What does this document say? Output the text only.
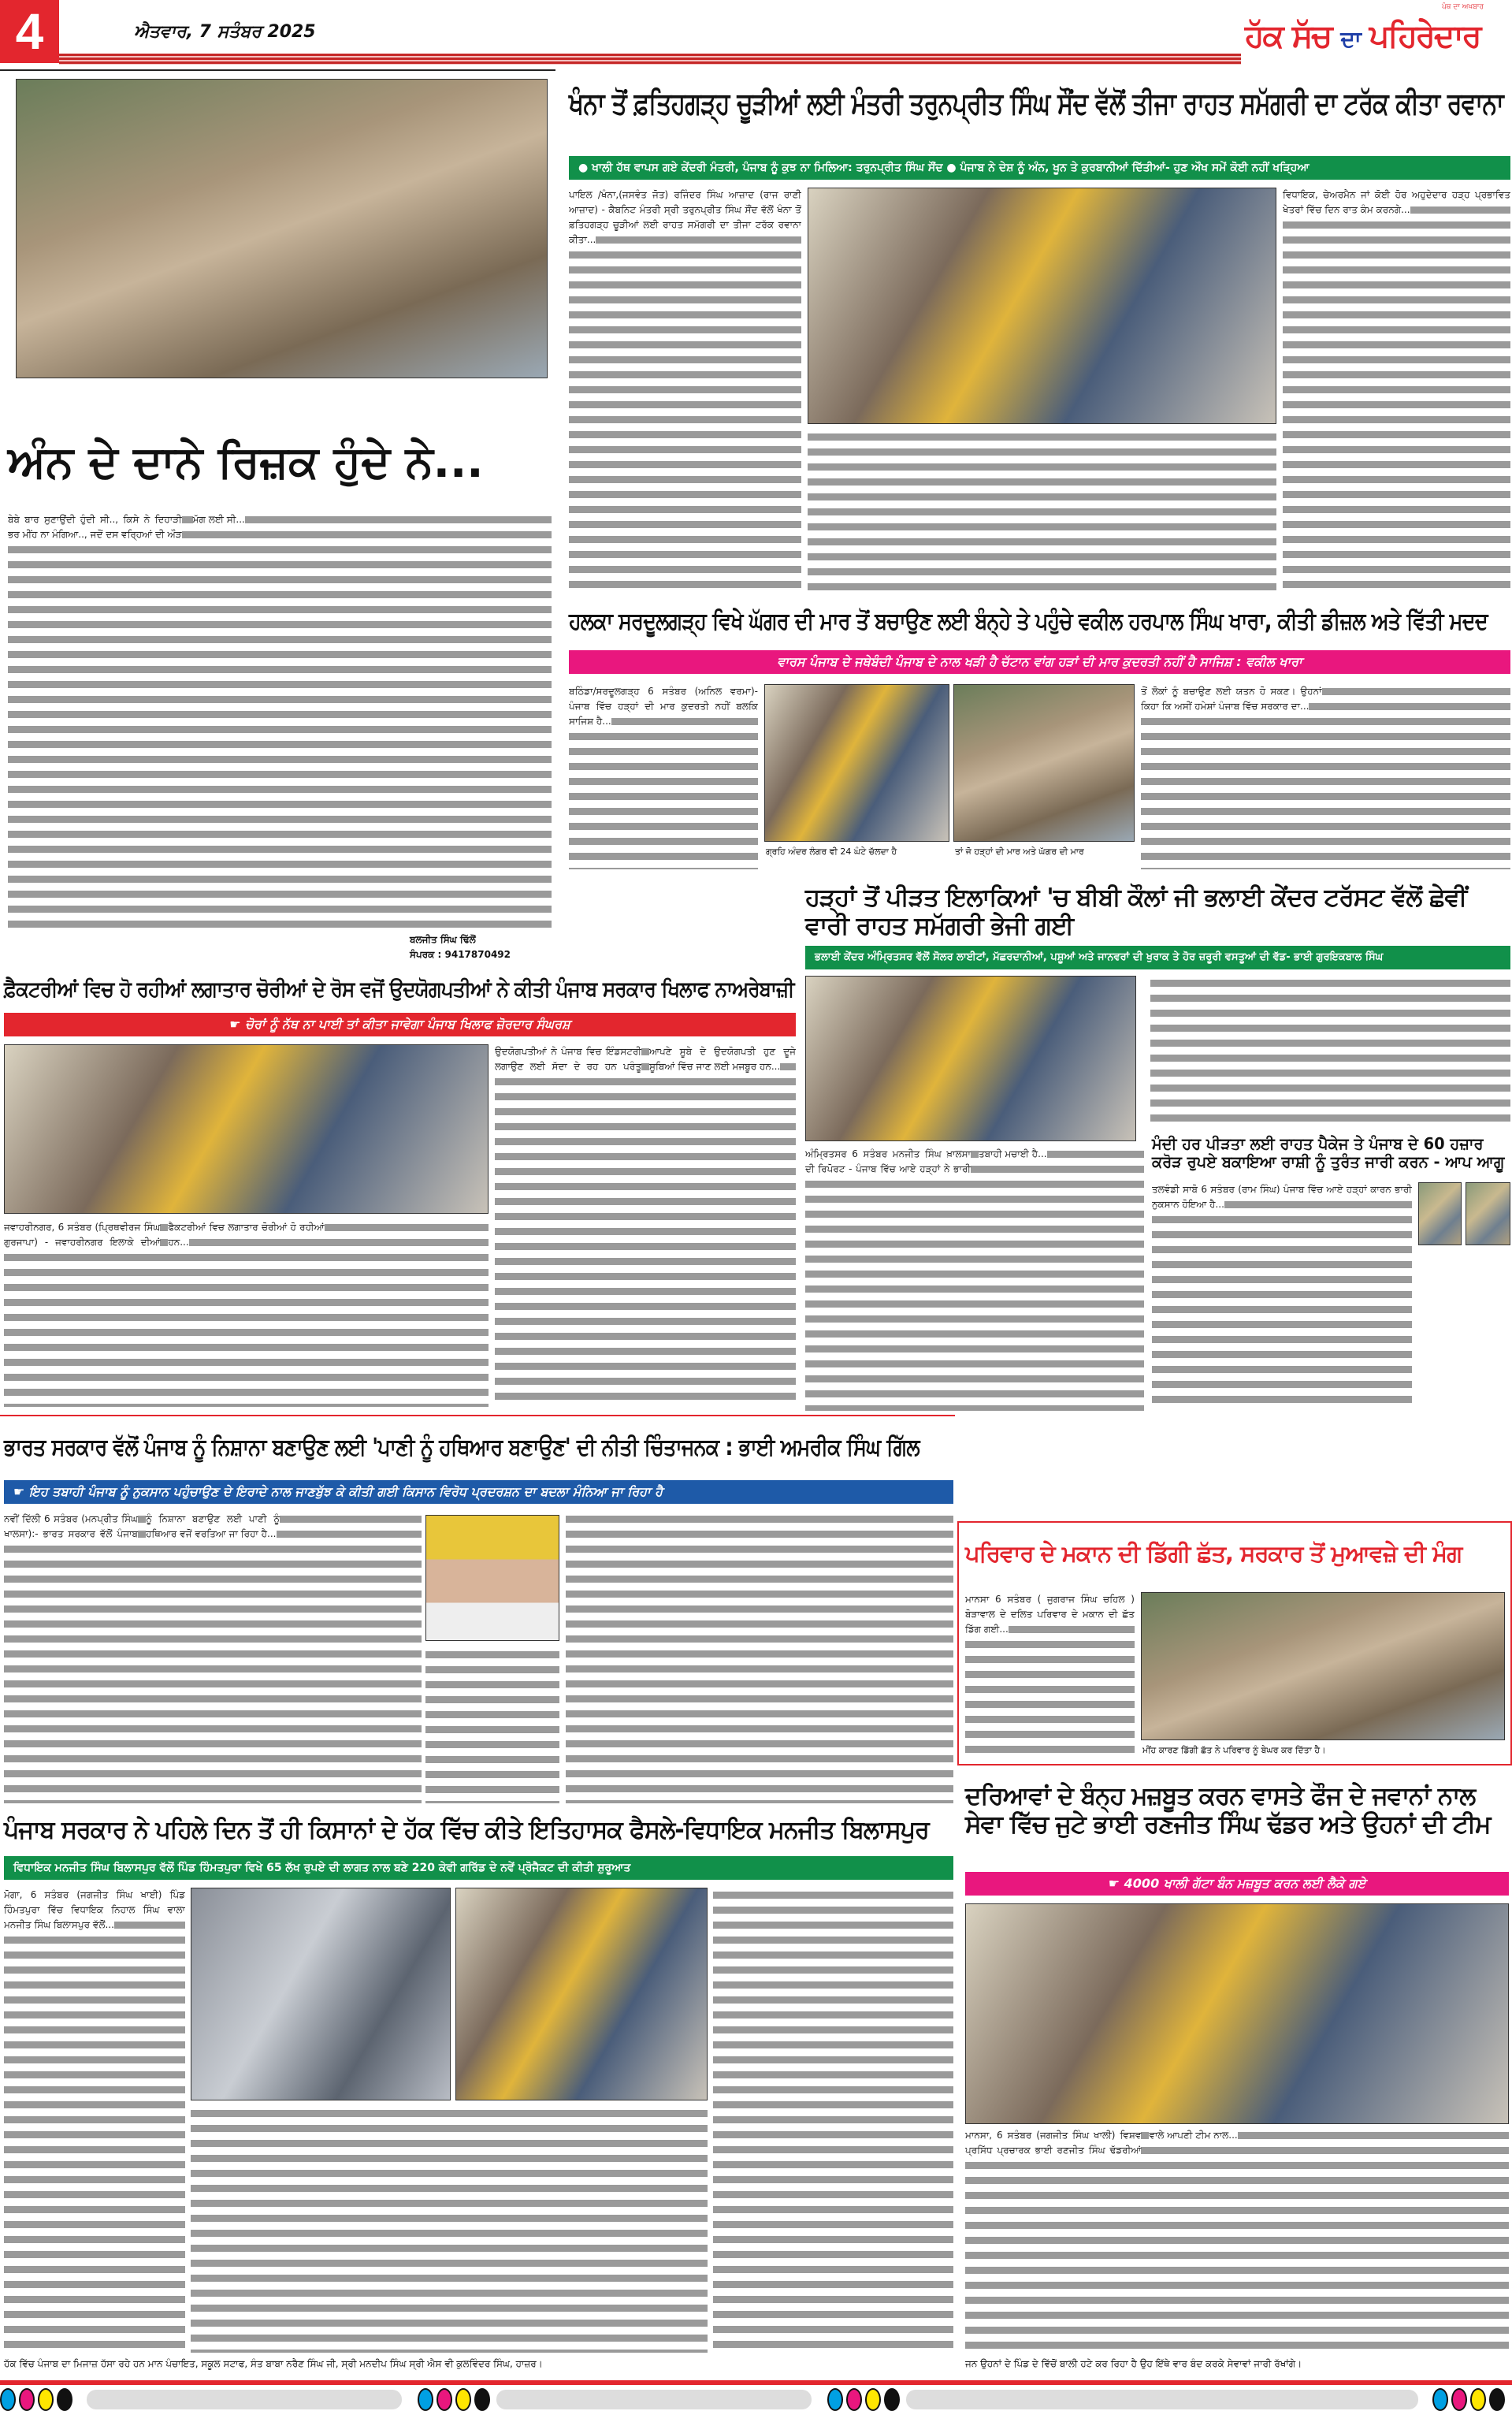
4	ਐਤਵਾਰ, 7 ਸਤੰਬਰ 2025	ਹੱਕ ਸੱਚ ਦਾ ਪਹਿਰੇਦਾਰ
ਪੰਥ ਦਾ ਅਖ਼ਬਾਰ
ਅੰਨ ਦੇ ਦਾਨੇ ਰਿਜ਼ਕ ਹੁੰਦੇ ਨੇ...
ਬੇਬੇ ਬਾਰ ਸੁਣਾਉਂਦੀ ਹੁੰਦੀ ਸੀ.., ਕਿਸੇ ਨੇ ਦਿਹਾੜੀ ਭਰ ਮੀਂਹ ਨਾ ਮੰਗਿਆ.., ਜਦੋਂ ਦਸ ਵਰ੍ਹਿਆਂ ਦੀ ਔੜ ਮੱਗ ਲਈ ਸੀ...
ਬਲਜੀਤ ਸਿੰਘ ਢਿੱਲੋਂ
ਸੰਪਰਕ : 9417870492
ਖੰਨਾ ਤੋਂ ਫ਼ਤਿਹਗੜ੍ਹ ਚੂੜੀਆਂ ਲਈ ਮੰਤਰੀ ਤਰੁਨਪ੍ਰੀਤ ਸਿੰਘ ਸੌਂਦ ਵੱਲੋਂ ਤੀਜਾ ਰਾਹਤ ਸਮੱਗਰੀ ਦਾ ਟਰੱਕ ਕੀਤਾ ਰਵਾਨਾ
● ਖਾਲੀ ਹੱਥ ਵਾਪਸ ਗਏ ਕੇਂਦਰੀ ਮੰਤਰੀ, ਪੰਜਾਬ ਨੂੰ ਕੁਝ ਨਾ ਮਿਲਿਆ: ਤਰੁਨਪ੍ਰੀਤ ਸਿੰਘ ਸੌਂਦ ● ਪੰਜਾਬ ਨੇ ਦੇਸ਼ ਨੂੰ ਅੰਨ, ਖੂਨ ਤੇ ਕੁਰਬਾਨੀਆਂ ਦਿੱਤੀਆਂ- ਹੁਣ ਔਖ ਸਮੇਂ ਕੋਈ ਨਹੀਂ ਖੜ੍ਹਿਆ
ਪਾਇਲ /ਖੰਨਾ,(ਜਸਵੰਤ ਜੋਤ) ਰਜਿੰਦਰ ਸਿੰਘ ਆਜ਼ਾਦ (ਰਾਜ ਰਾਣੀ ਆਜ਼ਾਦ) - ਕੈਬਨਿਟ ਮੰਤਰੀ ਸ੍ਰੀ ਤਰੁਨਪ੍ਰੀਤ ਸਿੰਘ ਸੌਂਦ ਵੱਲੋਂ ਖੰਨਾ ਤੋਂ ਫ਼ਤਿਹਗੜ੍ਹ ਚੂੜੀਆਂ ਲਈ ਰਾਹਤ ਸਮੱਗਰੀ ਦਾ ਤੀਜਾ ਟਰੱਕ ਰਵਾਨਾ ਕੀਤਾ...
ਵਿਧਾਇਕ, ਚੇਅਰਮੈਨ ਜਾਂ ਕੋਈ ਹੋਰ ਅਹੁਦੇਦਾਰ ਹੜ੍ਹ ਪ੍ਰਭਾਵਿਤ ਖੇਤਰਾਂ ਵਿੱਚ ਦਿਨ ਰਾਤ ਕੰਮ ਕਰਨਗੇ...
ਹਲਕਾ ਸਰਦੂਲਗੜ੍ਹ ਵਿਖੇ ਘੱਗਰ ਦੀ ਮਾਰ ਤੋਂ ਬਚਾਉਣ ਲਈ ਬੰਨ੍ਹੇ ਤੇ ਪਹੁੰਚੇ ਵਕੀਲ ਹਰਪਾਲ ਸਿੰਘ ਖਾਰਾ, ਕੀਤੀ ਡੀਜ਼ਲ ਅਤੇ ਵਿੱਤੀ ਮਦਦ
ਵਾਰਸ ਪੰਜਾਬ ਦੇ ਜਥੇਬੰਦੀ ਪੰਜਾਬ ਦੇ ਨਾਲ ਖੜੀ ਹੈ ਚੱਟਾਨ ਵਾਂਗ ਹੜਾਂ ਦੀ ਮਾਰ ਕੁਦਰਤੀ ਨਹੀਂ ਹੈ ਸਾਜਿਸ਼ : ਵਕੀਲ ਖਾਰਾ
ਬਠਿੰਡਾ/ਸਰਦੂਲਗੜ੍ਹ 6 ਸਤੰਬਰ (ਅਨਿਲ ਵਰਮਾ)- ਪੰਜਾਬ ਵਿੱਚ ਹੜ੍ਹਾਂ ਦੀ ਮਾਰ ਕੁਦਰਤੀ ਨਹੀਂ ਬਲਕਿ ਸਾਜਿਸ਼ ਹੈ...
ਗ੍ਰਹਿ ਅੰਦਰ ਲੰਗਰ ਵੀ 24 ਘੰਟੇ ਚੱਲਦਾ ਹੈ	ਤਾਂ ਜੋ ਹੜ੍ਹਾਂ ਦੀ ਮਾਰ ਅਤੇ ਘੱਗਰ ਦੀ ਮਾਰ
ਤੋਂ ਲੋਕਾਂ ਨੂੰ ਬਚਾਉਣ ਲਈ ਯਤਨ ਹੋ ਸਕਣ। ਉਹਨਾਂ ਕਿਹਾ ਕਿ ਅਸੀਂ ਹਮੇਸ਼ਾਂ ਪੰਜਾਬ ਵਿੱਚ ਸਰਕਾਰ ਦਾ...
ਹੜ੍ਹਾਂ ਤੋਂ ਪੀੜਤ ਇਲਾਕਿਆਂ 'ਚ ਬੀਬੀ ਕੌਲਾਂ ਜੀ ਭਲਾਈ ਕੇਂਦਰ ਟਰੱਸਟ ਵੱਲੋਂ ਛੇਵੀਂ ਵਾਰੀ ਰਾਹਤ ਸਮੱਗਰੀ ਭੇਜੀ ਗਈ
ਭਲਾਈ ਕੇਂਦਰ ਅੰਮ੍ਰਿਤਸਰ ਵੱਲੋਂ ਸੋਲਰ ਲਾਈਟਾਂ, ਮੱਛਰਦਾਨੀਆਂ, ਪਸ਼ੂਆਂ ਅਤੇ ਜਾਨਵਰਾਂ ਦੀ ਖੁਰਾਕ ਤੇ ਹੋਰ ਜ਼ਰੂਰੀ ਵਸਤੂਆਂ ਦੀ ਵੱਡ- ਭਾਈ ਗੁਰਇਕਬਾਲ ਸਿੰਘ
ਅੰਮ੍ਰਿਤਸਰ 6 ਸਤੰਬਰ ਮਨਜੀਤ ਸਿੰਘ ਖ਼ਾਲਸਾ ਦੀ ਰਿਪੋਰਟ - ਪੰਜਾਬ ਵਿੱਚ ਆਏ ਹੜ੍ਹਾਂ ਨੇ ਭਾਰੀ ਤਬਾਹੀ ਮਚਾਈ ਹੈ...
ਮੰਦੀ ਹਰ ਪੀੜਤਾ ਲਈ ਰਾਹਤ ਪੈਕੇਜ ਤੇ ਪੰਜਾਬ ਦੇ 60 ਹਜ਼ਾਰ ਕਰੋੜ ਰੁਪਏ ਬਕਾਇਆ ਰਾਸ਼ੀ ਨੂੰ ਤੁਰੰਤ ਜਾਰੀ ਕਰਨ - ਆਪ ਆਗੂ
ਤਲਵੰਡੀ ਸਾਬੋ 6 ਸਤੰਬਰ (ਰਾਮ ਸਿੰਘ) ਪੰਜਾਬ ਵਿੱਚ ਆਏ ਹੜ੍ਹਾਂ ਕਾਰਨ ਭਾਰੀ ਨੁਕਸਾਨ ਹੋਇਆ ਹੈ...
ਫ਼ੈਕਟਰੀਆਂ ਵਿਚ ਹੋ ਰਹੀਆਂ ਲਗਾਤਾਰ ਚੋਰੀਆਂ ਦੇ ਰੋਸ ਵਜੋਂ ਉਦਯੋਗਪਤੀਆਂ ਨੇ ਕੀਤੀ ਪੰਜਾਬ ਸਰਕਾਰ ਖਿਲਾਫ ਨਾਅਰੇਬਾਜ਼ੀ
☛ ਚੋਰਾਂ ਨੂੰ ਨੱਥ ਨਾ ਪਾਈ ਤਾਂ ਕੀਤਾ ਜਾਵੇਗਾ ਪੰਜਾਬ ਖਿਲਾਫ ਜ਼ੋਰਦਾਰ ਸੰਘਰਸ਼
ਉਦਯੋਗਪਤੀਆਂ ਨੇ ਪੰਜਾਬ ਵਿਚ ਇੰਡਸਟਰੀ ਲਗਾਉਣ ਲਈ ਸੱਦਾ ਦੇ ਰਹ ਹਨ ਪਰੰਤੂ ਆਪਣੇ ਸੂਬੇ ਦੇ ਉਦਯੋਗਪਤੀ ਹੁਣ ਦੂਜੇ ਸੂਬਿਆਂ ਵਿੱਚ ਜਾਣ ਲਈ ਮਜਬੂਰ ਹਨ...
ਜਵਾਹਰੀਨਗਰ, 6 ਸਤੰਬਰ (ਪ੍ਰਿਥਵੀਰਜ ਸਿੰਘ ਗੁਰਜਾਪਾ) - ਜਵਾਹਰੀਨਗਰ ਇਲਾਕੇ ਦੀਆਂ ਫੈਕਟਰੀਆਂ ਵਿਚ ਲਗਾਤਾਰ ਚੋਰੀਆਂ ਹੋ ਰਹੀਆਂ ਹਨ...
ਭਾਰਤ ਸਰਕਾਰ ਵੱਲੋਂ ਪੰਜਾਬ ਨੂੰ ਨਿਸ਼ਾਨਾ ਬਣਾਉਣ ਲਈ 'ਪਾਣੀ ਨੂੰ ਹਥਿਆਰ ਬਣਾਉਣ' ਦੀ ਨੀਤੀ ਚਿੰਤਾਜਨਕ : ਭਾਈ ਅਮਰੀਕ ਸਿੰਘ ਗਿੱਲ
☛ ਇਹ ਤਬਾਹੀ ਪੰਜਾਬ ਨੂੰ ਨੁਕਸਾਨ ਪਹੁੰਚਾਉਣ ਦੇ ਇਰਾਦੇ ਨਾਲ ਜਾਣਬੁੱਝ ਕੇ ਕੀਤੀ ਗਈ ਕਿਸਾਨ ਵਿਰੋਧ ਪ੍ਰਦਰਸ਼ਨ ਦਾ ਬਦਲਾ ਮੰਨਿਆ ਜਾ ਰਿਹਾ ਹੈ
ਨਵੀਂ ਦਿੱਲੀ 6 ਸਤੰਬਰ (ਮਨਪ੍ਰੀਤ ਸਿੰਘ ਖਾਲਸਾ):- ਭਾਰਤ ਸਰਕਾਰ ਵੱਲੋਂ ਪੰਜਾਬ ਨੂੰ ਨਿਸ਼ਾਨਾ ਬਣਾਉਣ ਲਈ ਪਾਣੀ ਨੂੰ ਹਥਿਆਰ ਵਜੋਂ ਵਰਤਿਆ ਜਾ ਰਿਹਾ ਹੈ...
ਪਰਿਵਾਰ ਦੇ ਮਕਾਨ ਦੀ ਡਿੱਗੀ ਛੱਤ, ਸਰਕਾਰ ਤੋਂ ਮੁਆਵਜ਼ੇ ਦੀ ਮੰਗ
ਮਾਨਸਾ 6 ਸਤੰਬਰ ( ਜੁਗਰਾਜ ਸਿੰਘ ਚਹਿਲ ) ਬੋੜਾਵਾਲ ਦੇ ਦਲਿਤ ਪਰਿਵਾਰ ਦੇ ਮਕਾਨ ਦੀ ਛੱਤ ਡਿੱਗ ਗਈ...
ਮੀਂਹ ਕਾਰਣ ਡਿੱਗੀ ਛੱਤ ਨੇ ਪਰਿਵਾਰ ਨੂੰ ਬੇਘਰ ਕਰ ਦਿੱਤਾ ਹੈ।
ਦਰਿਆਵਾਂ ਦੇ ਬੰਨ੍ਹ ਮਜ਼ਬੂਤ ਕਰਨ ਵਾਸਤੇ ਫੌਜ ਦੇ ਜਵਾਨਾਂ ਨਾਲ ਸੇਵਾ ਵਿੱਚ ਜੁਟੇ ਭਾਈ ਰਣਜੀਤ ਸਿੰਘ ਢੱਡਰ ਅਤੇ ਉਹਨਾਂ ਦੀ ਟੀਮ
☛ 4000 ਖਾਲੀ ਗੱਟਾ ਬੰਨ ਮਜ਼ਬੂਤ ਕਰਨ ਲਈ ਲੈਕੇ ਗਏ
ਮਾਨਸਾ, 6 ਸਤੰਬਰ (ਜਗਜੀਤ ਸਿੰਘ ਖਾਲੀ) ਵਿਸ਼ਵ ਪ੍ਰਸਿੱਧ ਪ੍ਰਚਾਰਕ ਭਾਈ ਰਣਜੀਤ ਸਿੰਘ ਢੱਡਰੀਆਂ ਵਾਲੇ ਆਪਣੀ ਟੀਮ ਨਾਲ...
ਜਨ ਉਹਨਾਂ ਦੇ ਪਿੰਡ ਦੇ ਵਿੱਚੋਂ ਬਾਲੀ ਹਟੇ ਕਰ ਰਿਹਾ ਹੈ ਉਹ ਇੱਥੇ ਵਾਰ ਬੰਦ ਕਰਕੇ ਸੇਵਾਵਾਂ ਜਾਰੀ ਰੱਖਾਂਗੇ।
ਪੰਜਾਬ ਸਰਕਾਰ ਨੇ ਪਹਿਲੇ ਦਿਨ ਤੋਂ ਹੀ ਕਿਸਾਨਾਂ ਦੇ ਹੱਕ ਵਿੱਚ ਕੀਤੇ ਇਤਿਹਾਸਕ ਫੈਸਲੇ-ਵਿਧਾਇਕ ਮਨਜੀਤ ਬਿਲਾਸਪੁਰ
ਵਿਧਾਇਕ ਮਨਜੀਤ ਸਿੰਘ ਬਿਲਾਸਪੁਰ ਵੱਲੋਂ ਪਿੰਡ ਹਿੰਮਤਪੁਰਾ ਵਿਖੇ 65 ਲੱਖ ਰੁਪਏ ਦੀ ਲਾਗਤ ਨਾਲ ਬਣੇ 220 ਕੇਵੀ ਗਰਿੱਡ ਦੇ ਨਵੇਂ ਪ੍ਰੋਜੈਕਟ ਦੀ ਕੀਤੀ ਸ਼ੁਰੂਆਤ
ਮੋਗਾ, 6 ਸਤੰਬਰ (ਜਗਜੀਤ ਸਿੰਘ ਖਾਈ) ਪਿੰਡ ਹਿੰਮਤਪੁਰਾ ਵਿੱਚ ਵਿਧਾਇਕ ਨਿਹਾਲ ਸਿੰਘ ਵਾਲਾ ਮਨਜੀਤ ਸਿੰਘ ਬਿਲਾਸਪੁਰ ਵੱਲੋਂ...
ਹੱਕ ਵਿੱਚ ਪੰਜਾਬ ਦਾ ਮਿਜਾਜ਼ ਹੱਸਾ ਰਹੇ ਹਨ ਮਾਨ ਪੰਚਾਇਤ, ਸਕੂਲ ਸਟਾਫ, ਸੰਤ ਬਾਬਾ ਨਰੈਣ ਸਿੰਘ ਜੀ, ਸ੍ਰੀ ਮਨਦੀਪ ਸਿੰਘ ਸ੍ਰੀ ਐਸ ਵੀ ਕੁਲਵਿੰਦਰ ਸਿੰਘ, ਹਾਜ਼ਰ।
